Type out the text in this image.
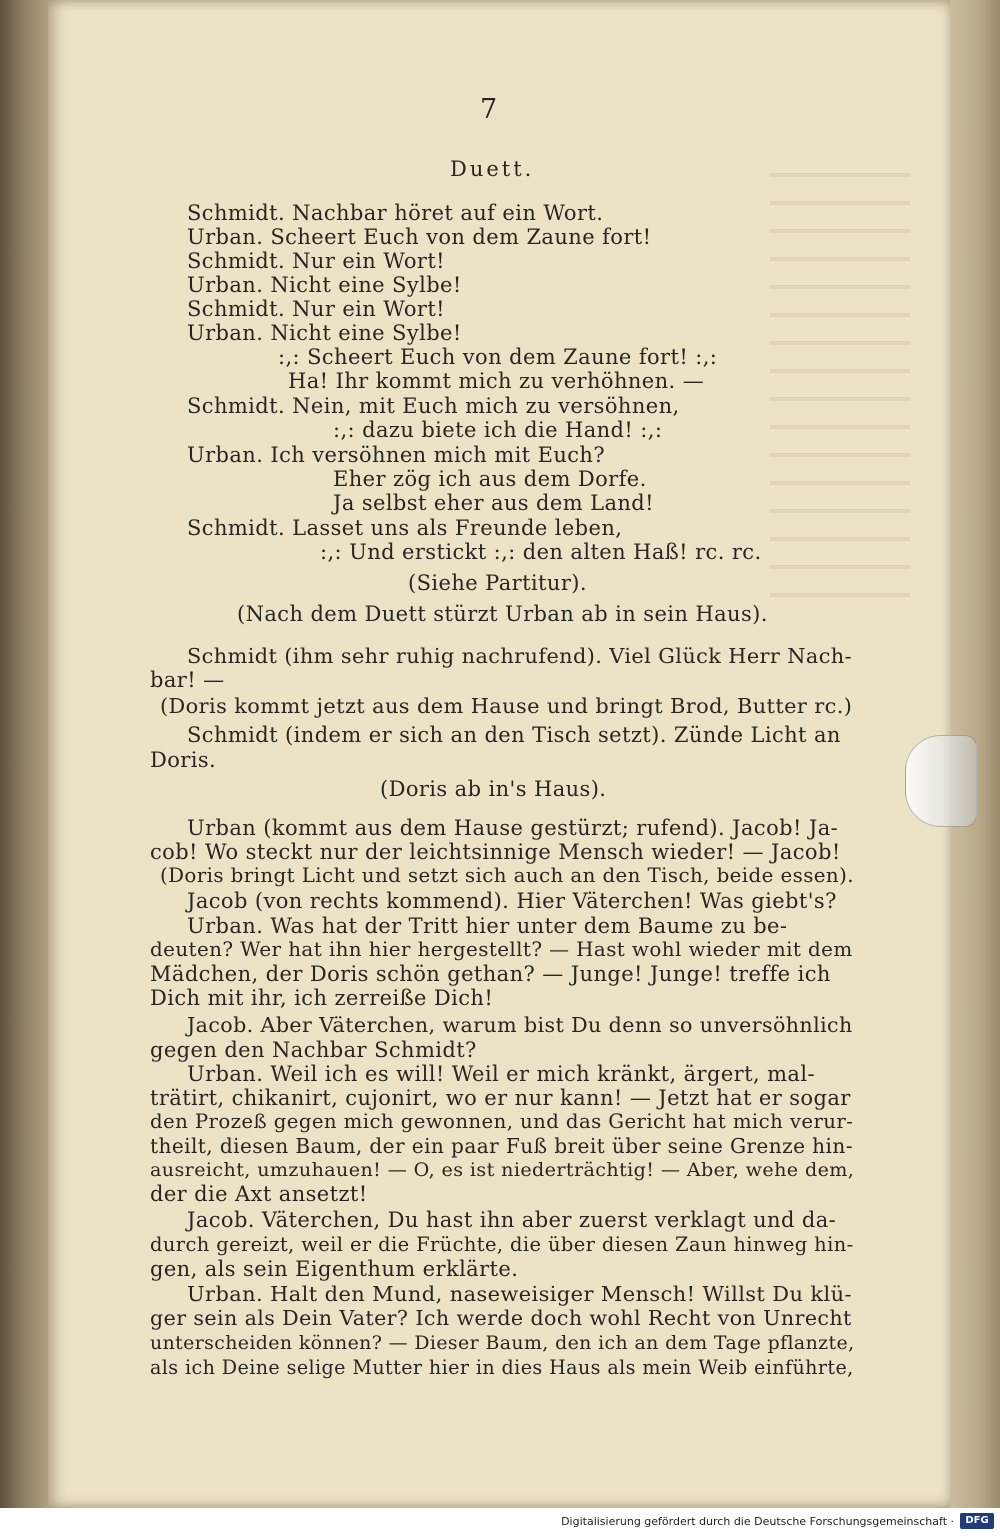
7
Duett.
Schmidt. Nachbar höret auf ein Wort.
Urban. Scheert Euch von dem Zaune fort!
Schmidt. Nur ein Wort!
Urban. Nicht eine Sylbe!
Schmidt. Nur ein Wort!
Urban. Nicht eine Sylbe!
:,: Scheert Euch von dem Zaune fort! :,:
Ha! Ihr kommt mich zu verhöhnen. —
Schmidt. Nein, mit Euch mich zu versöhnen,
:,: dazu biete ich die Hand! :,:
Urban. Ich versöhnen mich mit Euch?
Eher zög ich aus dem Dorfe.
Ja selbst eher aus dem Land!
Schmidt. Lasset uns als Freunde leben,
:,: Und erstickt :,: den alten Haß! rc. rc.
(Siehe Partitur).
(Nach dem Duett stürzt Urban ab in sein Haus).
Schmidt (ihm sehr ruhig nachrufend). Viel Glück Herr Nach-
bar! —
(Doris kommt jetzt aus dem Hause und bringt Brod, Butter rc.)
Schmidt (indem er sich an den Tisch setzt). Zünde Licht an
Doris.
(Doris ab in's Haus).
Urban (kommt aus dem Hause gestürzt; rufend). Jacob! Ja-
cob! Wo steckt nur der leichtsinnige Mensch wieder! — Jacob!
(Doris bringt Licht und setzt sich auch an den Tisch, beide essen).
Jacob (von rechts kommend). Hier Väterchen! Was giebt's?
Urban. Was hat der Tritt hier unter dem Baume zu be-
deuten? Wer hat ihn hier hergestellt? — Hast wohl wieder mit dem
Mädchen, der Doris schön gethan? — Junge! Junge! treffe ich
Dich mit ihr, ich zerreiße Dich!
Jacob. Aber Väterchen, warum bist Du denn so unversöhnlich
gegen den Nachbar Schmidt?
Urban. Weil ich es will! Weil er mich kränkt, ärgert, mal-
trätirt, chikanirt, cujonirt, wo er nur kann! — Jetzt hat er sogar
den Prozeß gegen mich gewonnen, und das Gericht hat mich verur-
theilt, diesen Baum, der ein paar Fuß breit über seine Grenze hin-
ausreicht, umzuhauen! — O, es ist niederträchtig! — Aber, wehe dem,
der die Axt ansetzt!
Jacob. Väterchen, Du hast ihn aber zuerst verklagt und da-
durch gereizt, weil er die Früchte, die über diesen Zaun hinweg hin-
gen, als sein Eigenthum erklärte.
Urban. Halt den Mund, naseweisiger Mensch! Willst Du klü-
ger sein als Dein Vater? Ich werde doch wohl Recht von Unrecht
unterscheiden können? — Dieser Baum, den ich an dem Tage pflanzte,
als ich Deine selige Mutter hier in dies Haus als mein Weib einführte,
Digitalisierung gefördert durch die Deutsche Forschungsgemeinschaft ·	DFG
